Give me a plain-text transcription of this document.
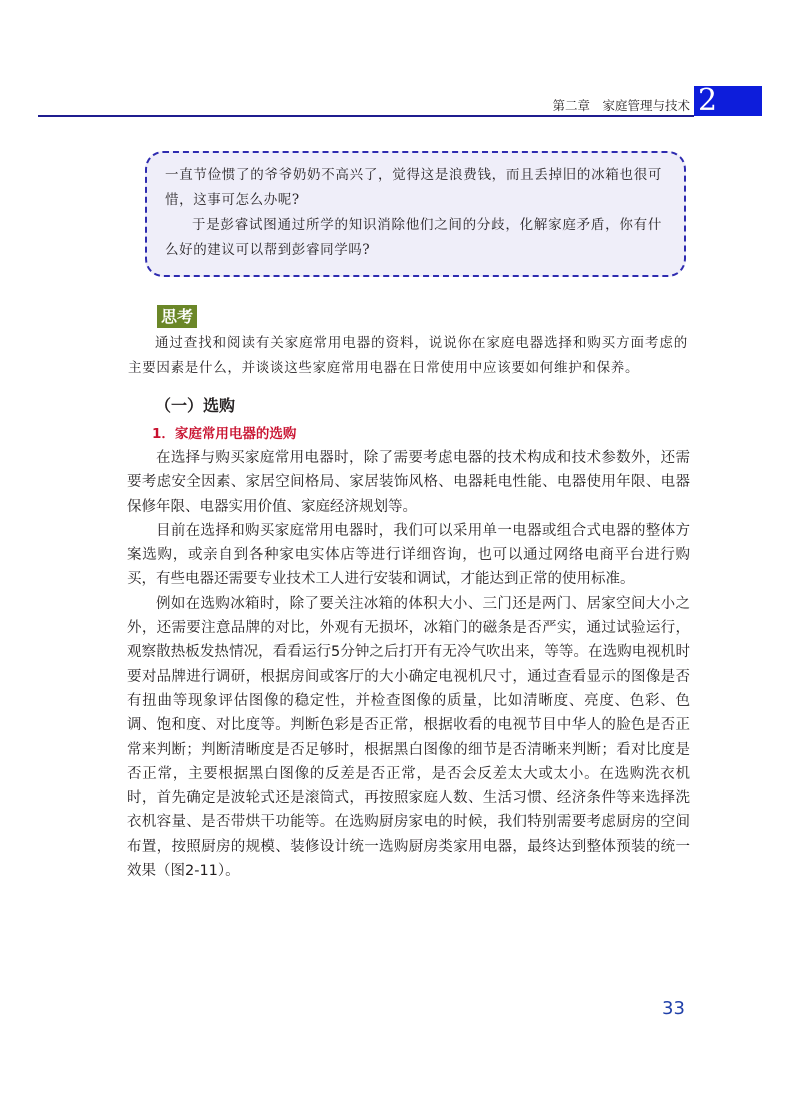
第二章　家庭管理与技术 2

一直节俭惯了的爷爷奶奶不高兴了，觉得这是浪费钱，而且丢掉旧的冰箱也很可惜，这事可怎么办呢?

于是彭睿试图通过所学的知识消除他们之间的分歧，化解家庭矛盾，你有什么好的建议可以帮到彭睿同学吗?

思考

通过查找和阅读有关家庭常用电器的资料，说说你在家庭电器选择和购买方面考虑的主要因素是什么，并谈谈这些家庭常用电器在日常使用中应该要如何维护和保养。

（一）选购
1．家庭常用电器的选购

在选择与购买家庭常用电器时，除了需要考虑电器的技术构成和技术参数外，还需要考虑安全因素、家居空间格局、家居装饰风格、电器耗电性能、电器使用年限、电器保修年限、电器实用价值、家庭经济规划等。

目前在选择和购买家庭常用电器时，我们可以采用单一电器或组合式电器的整体方案选购，或亲自到各种家电实体店等进行详细咨询，也可以通过网络电商平台进行购买，有些电器还需要专业技术工人进行安装和调试，才能达到正常的使用标准。

例如在选购冰箱时，除了要关注冰箱的体积大小、三门还是两门、居家空间大小之外，还需要注意品牌的对比，外观有无损坏，冰箱门的磁条是否严实，通过试验运行，观察散热板发热情况，看看运行5分钟之后打开有无冷气吹出来，等等。在选购电视机时要对品牌进行调研，根据房间或客厅的大小确定电视机尺寸，通过查看显示的图像是否有扭曲等现象评估图像的稳定性，并检查图像的质量，比如清晰度、亮度、色彩、色调、饱和度、对比度等。判断色彩是否正常，根据收看的电视节目中华人的脸色是否正常来判断；判断清晰度是否足够时，根据黑白图像的细节是否清晰来判断；看对比度是否正常，主要根据黑白图像的反差是否正常，是否会反差太大或太小。在选购洗衣机时，首先确定是波轮式还是滚筒式，再按照家庭人数、生活习惯、经济条件等来选择洗衣机容量、是否带烘干功能等。在选购厨房家电的时候，我们特别需要考虑厨房的空间布置，按照厨房的规模、装修设计统一选购厨房类家用电器，最终达到整体预装的统一效果（图2-11）。

33
